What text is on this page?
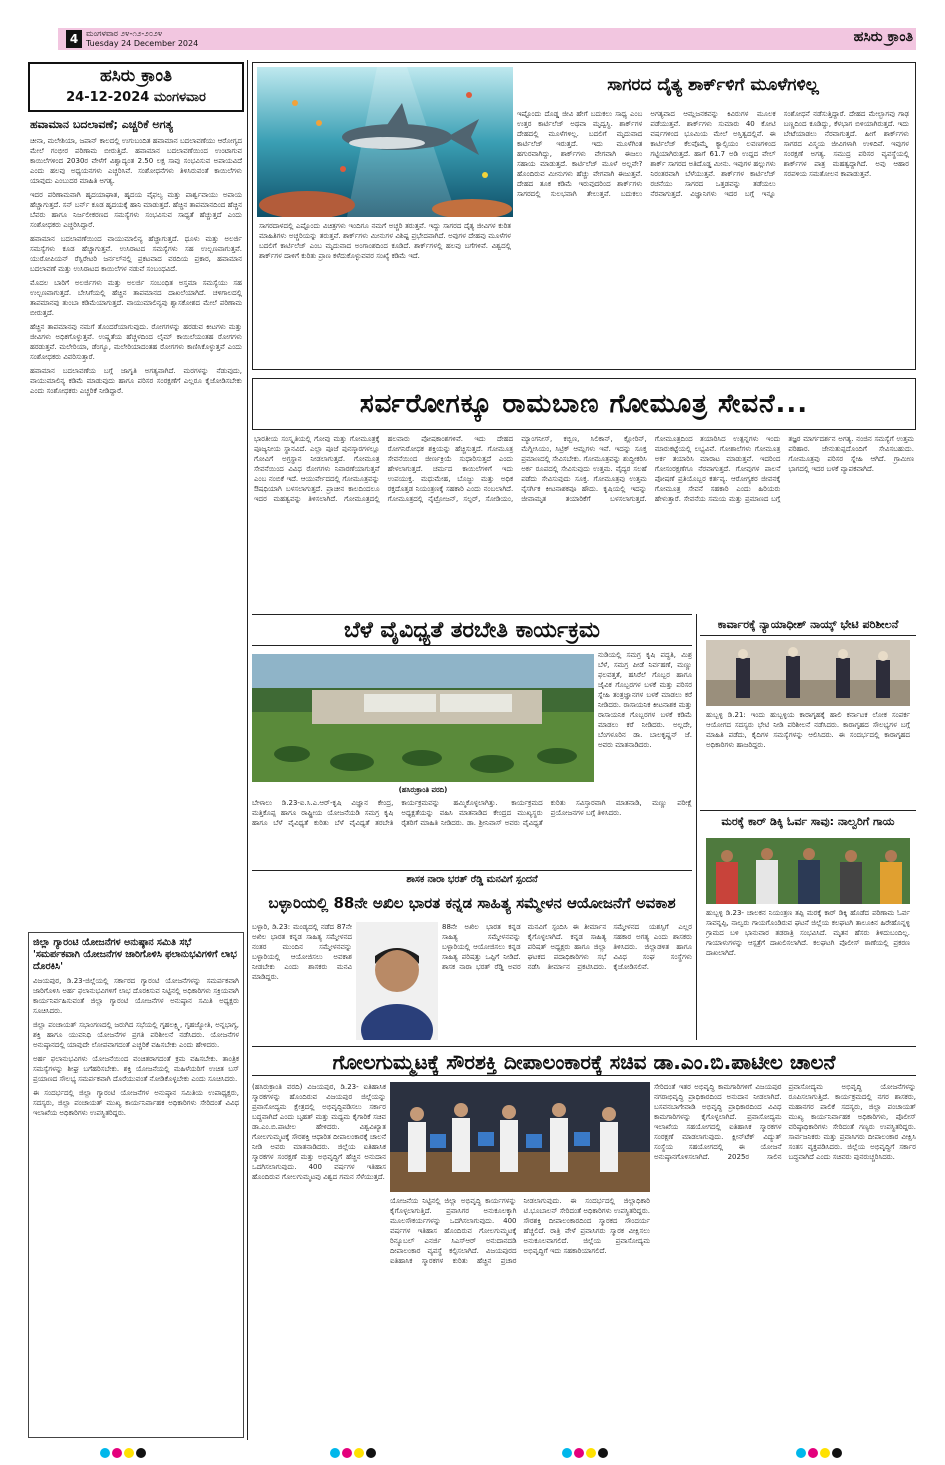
4 ಮಂಗಳವಾರ ೨೪-೧೨-೨೦೨೪
Tuesday 24 December 2024	ಹಸಿರು ಕ್ರಾಂತಿ
ಹಸಿರು ಕ್ರಾಂತಿ
24-12-2024 ಮಂಗಳವಾರ
ಹವಾಮಾನ ಬದಲಾವಣೆ; ಎಚ್ಚರಿಕೆ ಅಗತ್ಯ

ಚೀನಾ, ಮಲೇಶಿಯಾ, ಜಪಾನ್ ಕಾಲದಲ್ಲಿ ಉಗುಬಂದಿತ ಹವಾಮಾನ ಬದಲಾವಣೆಯು ಆರೋಗ್ಯದ ಮೇಲೆ ಗಂಭೀರ ಪರಿಣಾಮ ಬೀರುತ್ತಿದೆ. ಹವಾಮಾನ ಬದಲಾವಣೆಯಿಂದ ಉಂಟಾಗುವ ಕಾಯಿಲೆಗಳಿಂದ 2030ರ ವೇಳೆಗೆ ವಿಶ್ವಾದ್ಯಂತ 2.50 ಲಕ್ಷ ಸಾವು ಸಂಭವಿಸುವ ಅಪಾಯವಿದೆ ಎಂದು ಹಲವು ಅಧ್ಯಯನಗಳು ಎಚ್ಚರಿಸಿವೆ. ಸಂಶೋಧನೆಗಳು ತಿಳಿಸಿರುವಂತೆ ಕಾಯಿಲೆಗಳು ಯಾವುದು ಎಂಬುದರ ಮಾಹಿತಿ ಅಗತ್ಯ.

ಇದರ ಪರಿಣಾಮವಾಗಿ ಹೃದಯಾಘಾತ, ಹೃದಯ ವೈಫಲ್ಯ ಮತ್ತು ಪಾರ್ಶ್ವವಾಯು ಅಪಾಯ ಹೆಚ್ಚಾಗುತ್ತದೆ. ಸನ್ ಬರ್ನ್ ಕೂಡ ಹೃದಯಕ್ಕೆ ಹಾನಿ ಮಾಡುತ್ತದೆ. ಹೆಚ್ಚಿನ ತಾಪಮಾನದಿಂದ ಹೆಚ್ಚಿನ ಬೆವರು ಹಾಗೂ ನಿರ್ಜಲೀಕರಣದ ಸಮಸ್ಯೆಗಳು ಸಂಭವಿಸುವ ಸಾಧ್ಯತೆ ಹೆಚ್ಚುತ್ತದೆ ಎಂದು ಸಂಶೋಧಕರು ಎಚ್ಚರಿಸಿದ್ದಾರೆ.

ಹವಾಮಾನ ಬದಲಾವಣೆಯಿಂದ ವಾಯುಮಾಲಿನ್ಯ ಹೆಚ್ಚಾಗುತ್ತದೆ. ಧೂಳು ಮತ್ತು ಅಲರ್ಜಿ ಸಮಸ್ಯೆಗಳು ಕೂಡ ಹೆಚ್ಚಾಗುತ್ತವೆ. ಉಸಿರಾಟದ ಸಮಸ್ಯೆಗಳು ಸಹ ಉಲ್ಬಣವಾಗುತ್ತವೆ. ಯುರೋಪಿಯನ್ ರೆಸ್ಪಿರೇಟರಿ ಜರ್ನಲ್‌ನಲ್ಲಿ ಪ್ರಕಟವಾದ ವರದಿಯ ಪ್ರಕಾರ, ಹವಾಮಾನ ಬದಲಾವಣೆ ಮತ್ತು ಉಸಿರಾಟದ ಕಾಯಿಲೆಗಳ ನಡುವೆ ಸಂಬಂಧವಿದೆ.

ಮೊದಲ ಬಾರಿಗೆ ಅಲರ್ಜಿಗಳು ಮತ್ತು ಅಲರ್ಜಿ ಸಂಬಂಧಿತ ಅಸ್ತಮಾ ಸಮಸ್ಯೆಯು ಸಹ ಉಲ್ಬಣವಾಗುತ್ತದೆ. ಬೇಸಿಗೆಯಲ್ಲಿ ಹೆಚ್ಚಿನ ತಾಪಮಾನದ ದಾಖಲೆಯಾಗಿದೆ. ಚಳಿಗಾಲದಲ್ಲಿ ತಾಪಮಾನವು ತುಂಬಾ ಕಡಿಮೆಯಾಗುತ್ತದೆ. ವಾಯುಮಾಲಿನ್ಯವು ಶ್ವಾಸಕೋಶದ ಮೇಲೆ ಪರಿಣಾಮ ಬೀರುತ್ತದೆ.

ಹೆಚ್ಚಿನ ತಾಪಮಾನವು ನಮಗೆ ತೊಂದರೆಯಾಗುವುದು. ರೋಗಗಳನ್ನು ಹರಡುವ ಕೀಟಗಳು ಮತ್ತು ಜೀವಿಗಳು ಅಧಿಕಗೊಳ್ಳುತ್ತವೆ. ಉಷ್ಣತೆಯ ಹೆಚ್ಚಳದಿಂದ ಲೈಮ್ ಕಾಯಿಲೆಯಂತಹ ರೋಗಗಳು ಹರಡುತ್ತವೆ. ಮಲೇರಿಯಾ, ಡೆಂಗ್ಯೂ, ಮಲೇರಿಯಾದಂತಹ ರೋಗಗಳು ಕಾಣಿಸಿಕೊಳ್ಳುತ್ತವೆ ಎಂದು ಸಂಶೋಧಕರು ವಿವರಿಸುತ್ತಾರೆ.

ಹವಾಮಾನ ಬದಲಾವಣೆಯ ಬಗ್ಗೆ ಜಾಗೃತಿ ಅಗತ್ಯವಾಗಿದೆ. ಮರಗಳನ್ನು ನೆಡುವುದು, ವಾಯುಮಾಲಿನ್ಯ ಕಡಿಮೆ ಮಾಡುವುದು ಹಾಗೂ ಪರಿಸರ ಸಂರಕ್ಷಣೆಗೆ ಎಲ್ಲರೂ ಕೈಜೋಡಿಸಬೇಕು ಎಂದು ಸಂಶೋಧಕರು ಎಚ್ಚರಿಕೆ ನೀಡಿದ್ದಾರೆ.

ಜಿಲ್ಲಾ ಗ್ಯಾರಂಟಿ ಯೋಜನೆಗಳ ಅನುಷ್ಠಾನ ಸಮಿತಿ ಸಭೆ 'ಸಮರ್ಪಕವಾಗಿ ಯೋಜನೆಗಳ ಜಾರಿಗೊಳಿಸಿ ಫಲಾನುಭವಿಗಳಿಗೆ ಲಾಭ ದೊರಕಿಸಿ'

ವಿಜಯಪುರ, ಡಿ.23-ಜಿಲ್ಲೆಯಲ್ಲಿ ಸರ್ಕಾರದ ಗ್ಯಾರಂಟಿ ಯೋಜನೆಗಳನ್ನು ಸಮರ್ಪಕವಾಗಿ ಜಾರಿಗೊಳಿಸಿ ಅರ್ಹ ಫಲಾನುಭವಿಗಳಿಗೆ ಲಾಭ ದೊರಕಿಸುವ ನಿಟ್ಟಿನಲ್ಲಿ ಅಧಿಕಾರಿಗಳು ಸಕ್ರಿಯವಾಗಿ ಕಾರ್ಯನಿರ್ವಹಿಸುವಂತೆ ಜಿಲ್ಲಾ ಗ್ಯಾರಂಟಿ ಯೋಜನೆಗಳ ಅನುಷ್ಠಾನ ಸಮಿತಿ ಅಧ್ಯಕ್ಷರು ಸೂಚಿಸಿದರು.

ಜಿಲ್ಲಾ ಪಂಚಾಯತ್ ಸಭಾಂಗಣದಲ್ಲಿ ಜರುಗಿದ ಸಭೆಯಲ್ಲಿ ಗೃಹಲಕ್ಷ್ಮಿ, ಗೃಹಜ್ಯೋತಿ, ಅನ್ನಭಾಗ್ಯ, ಶಕ್ತಿ ಹಾಗೂ ಯುವನಿಧಿ ಯೋಜನೆಗಳ ಪ್ರಗತಿ ಪರಿಶೀಲನೆ ನಡೆಸಿದರು. ಯೋಜನೆಗಳ ಅನುಷ್ಠಾನದಲ್ಲಿ ಯಾವುದೇ ಲೋಪವಾಗದಂತೆ ಎಚ್ಚರಿಕೆ ವಹಿಸಬೇಕು ಎಂದು ಹೇಳಿದರು.

ಅರ್ಹ ಫಲಾನುಭವಿಗಳು ಯೋಜನೆಯಿಂದ ವಂಚಿತರಾಗದಂತೆ ಕ್ರಮ ವಹಿಸಬೇಕು. ತಾಂತ್ರಿಕ ಸಮಸ್ಯೆಗಳನ್ನು ಶೀಘ್ರ ಬಗೆಹರಿಸಬೇಕು. ಶಕ್ತಿ ಯೋಜನೆಯಲ್ಲಿ ಮಹಿಳೆಯರಿಗೆ ಉಚಿತ ಬಸ್ ಪ್ರಯಾಣದ ಸೌಲಭ್ಯ ಸಮರ್ಪಕವಾಗಿ ದೊರೆಯುವಂತೆ ನೋಡಿಕೊಳ್ಳಬೇಕು ಎಂದು ಸೂಚಿಸಿದರು.

ಈ ಸಂದರ್ಭದಲ್ಲಿ ಜಿಲ್ಲಾ ಗ್ಯಾರಂಟಿ ಯೋಜನೆಗಳ ಅನುಷ್ಠಾನ ಸಮಿತಿಯ ಉಪಾಧ್ಯಕ್ಷರು, ಸದಸ್ಯರು, ಜಿಲ್ಲಾ ಪಂಚಾಯತ್ ಮುಖ್ಯ ಕಾರ್ಯನಿರ್ವಾಹಕ ಅಧಿಕಾರಿಗಳು ಸೇರಿದಂತೆ ವಿವಿಧ ಇಲಾಖೆಯ ಅಧಿಕಾರಿಗಳು ಉಪಸ್ಥಿತರಿದ್ದರು.

ಸಾಗರದ ದೈತ್ಯ ಶಾರ್ಕ್‌ಳಿಗೆ ಮೂಳೆಗಳಿಲ್ಲ
ಸಾಗರದಾಳದಲ್ಲಿ ಎಷ್ಟೊಂದು ವಿಚಿತ್ರಗಳು ಇಂದಿಗೂ ನಮಗೆ ಅಚ್ಚರಿ ತರುತ್ತವೆ. ಇದ್ದು ಸಾಗರದ ದೈತ್ಯ ಜೀವಿಗಳ ಕುರಿತ ಮಾಹಿತಿಗಳು ಅಚ್ಚರಿಯನ್ನು ತರುತ್ತವೆ. ಶಾರ್ಕ್‌ಗಳು ಮೀನುಗಳ ವಿಶಿಷ್ಟ ಪ್ರಭೇದವಾಗಿದೆ. ಅವುಗಳ ದೇಹವು ಮೂಳೆಗಳ ಬದಲಿಗೆ ಕಾರ್ಟಿಲೆಜ್ ಎಂಬ ಮೃದುವಾದ ಅಂಗಾಂಶದಿಂದ ಕೂಡಿದೆ. ಶಾರ್ಕ್‌ಗಳಲ್ಲಿ ಹಲವು ಬಗೆಗಳಿವೆ. ವಿಶ್ವದಲ್ಲಿ ಶಾರ್ಕ್‌ಗಳ ದಾಳಿಗೆ ಕುರಿತು ಪ್ರಾಣ ಕಳೆದುಕೊಳ್ಳುವವರ ಸಂಖ್ಯೆ ಕಡಿಮೆ ಇದೆ.
ಇಷ್ಟೊಂದು ದೊಡ್ಡ ಜೀವಿ ಹೇಗೆ ಬದುಕಲು ಸಾಧ್ಯ ಎಂಬ ಉತ್ತರ ಕಾರ್ಟಿಲೆಜ್ ಅಥವಾ ಮೃದ್ವಸ್ಥಿ. ಶಾರ್ಕ್‌ಗಳ ದೇಹದಲ್ಲಿ ಮೂಳೆಗಳಿಲ್ಲ. ಬದಲಿಗೆ ಮೃದುವಾದ ಕಾರ್ಟಿಲೆಜ್ ಇರುತ್ತದೆ. ಇದು ಮೂಳೆಗಿಂತ ಹಗುರವಾಗಿದ್ದು, ಶಾರ್ಕ್‌ಗಳು ವೇಗವಾಗಿ ಈಜಲು ಸಹಾಯ ಮಾಡುತ್ತದೆ. ಕಾರ್ಟಿಲೆಜ್ ಮೂಳೆ ಅಲ್ಲವೇ? ಹೊಂದಿರುವ ಮೀನುಗಳು ಹೆಚ್ಚು ವೇಗವಾಗಿ ಈಜುತ್ತವೆ. ದೇಹದ ತೂಕ ಕಡಿಮೆ ಇರುವುದರಿಂದ ಶಾರ್ಕ್‌ಗಳು ಸಾಗರದಲ್ಲಿ ಸುಲಭವಾಗಿ ತೇಲುತ್ತವೆ. ಬದುಕಲು ಅಗತ್ಯವಾದ ಆಮ್ಲಜನಕವನ್ನು ಕಿವಿರುಗಳ ಮೂಲಕ ಪಡೆಯುತ್ತವೆ. ಶಾರ್ಕ್‌ಗಳು ಸುಮಾರು 40 ಕೋಟಿ ವರ್ಷಗಳಿಂದ ಭೂಮಿಯ ಮೇಲೆ ಅಸ್ತಿತ್ವದಲ್ಲಿವೆ. ಈ ಕಾರ್ಟಿಲೆಜ್ ಕೆಲವೊಮ್ಮೆ ಕ್ಯಾಲ್ಸಿಯಂ ಲವಣಗಳಿಂದ ಗಟ್ಟಿಯಾಗಿರುತ್ತದೆ. ಹಾಗೆ 61.7 ಅಡಿ ಉದ್ದದ ವೇಲ್ ಶಾರ್ಕ್ ಸಾಗರದ ಅತಿದೊಡ್ಡ ಮೀನು. ಇವುಗಳ ಹಲ್ಲುಗಳು ನಿರಂತರವಾಗಿ ಬೆಳೆಯುತ್ತವೆ. ಶಾರ್ಕ್‌ಗಳ ಕಾರ್ಟಿಲೆಜ್ ರಚನೆಯು ಸಾಗರದ ಒತ್ತಡವನ್ನು ತಡೆಯಲು ನೆರವಾಗುತ್ತದೆ. ವಿಜ್ಞಾನಿಗಳು ಇದರ ಬಗ್ಗೆ ಇನ್ನೂ ಸಂಶೋಧನೆ ನಡೆಸುತ್ತಿದ್ದಾರೆ. ದೇಹದ ಮೇಲ್ಭಾಗವು ಗಾಢ ಬಣ್ಣದಿಂದ ಕೂಡಿದ್ದು, ಕೆಳಭಾಗ ಬಿಳಿಯಾಗಿರುತ್ತದೆ. ಇದು ಬೇಟೆಯಾಡಲು ನೆರವಾಗುತ್ತದೆ. ಹೀಗೆ ಶಾರ್ಕ್‌ಗಳು ಸಾಗರದ ವಿಸ್ಮಯ ಜೀವಿಗಳಾಗಿ ಉಳಿದಿವೆ. ಇವುಗಳ ಸಂರಕ್ಷಣೆ ಅಗತ್ಯ. ಸಮುದ್ರ ಪರಿಸರ ವ್ಯವಸ್ಥೆಯಲ್ಲಿ ಶಾರ್ಕ್‌ಗಳ ಪಾತ್ರ ಮಹತ್ವದ್ದಾಗಿದೆ. ಅವು ಆಹಾರ ಸರಪಳಿಯ ಸಮತೋಲನ ಕಾಪಾಡುತ್ತವೆ.
ಸರ್ವರೋಗಕ್ಕೂ ರಾಮಬಾಣ ಗೋಮೂತ್ರ ಸೇವನೆ...
ಭಾರತೀಯ ಸಂಸ್ಕೃತಿಯಲ್ಲಿ ಗೋವು ಮತ್ತು ಗೋಮೂತ್ರಕ್ಕೆ ಪೂಜ್ಯನೀಯ ಸ್ಥಾನವಿದೆ. ಎಲ್ಲಾ ಪೂಜೆ ಪುನಸ್ಕಾರಗಳಲ್ಲೂ ಗೋವಿಗೆ ಅಗ್ರಸ್ಥಾನ ನೀಡಲಾಗುತ್ತದೆ. ಗೋಮೂತ್ರ ಸೇವನೆಯಿಂದ ವಿವಿಧ ರೋಗಗಳು ನಿವಾರಣೆಯಾಗುತ್ತವೆ ಎಂಬ ನಂಬಿಕೆ ಇದೆ. ಆಯುರ್ವೇದದಲ್ಲಿ ಗೋಮೂತ್ರವನ್ನು ಔಷಧಿಯಾಗಿ ಬಳಸಲಾಗುತ್ತದೆ. ಪ್ರಾಚೀನ ಕಾಲದಿಂದಲೂ ಇದರ ಮಹತ್ವವನ್ನು ತಿಳಿಸಲಾಗಿದೆ. ಗೋಮೂತ್ರದಲ್ಲಿ ಹಲವಾರು ಪೋಷಕಾಂಶಗಳಿವೆ. ಇದು ದೇಹದ ರೋಗನಿರೋಧಕ ಶಕ್ತಿಯನ್ನು ಹೆಚ್ಚಿಸುತ್ತದೆ. ಗೋಮೂತ್ರ ಸೇವನೆಯಿಂದ ಜೀರ್ಣಕ್ರಿಯೆ ಸುಧಾರಿಸುತ್ತದೆ ಎಂದು ಹೇಳಲಾಗುತ್ತದೆ. ಚರ್ಮದ ಕಾಯಿಲೆಗಳಿಗೆ ಇದು ಉಪಯುಕ್ತ. ಮಧುಮೇಹ, ಬೊಜ್ಜು ಮತ್ತು ಅಧಿಕ ರಕ್ತದೊತ್ತಡ ನಿಯಂತ್ರಣಕ್ಕೆ ಸಹಕಾರಿ ಎಂದು ನಂಬಲಾಗಿದೆ. ಗೋಮೂತ್ರದಲ್ಲಿ ನೈಟ್ರೋಜನ್, ಸಲ್ಫರ್, ಸೋಡಿಯಂ, ಮ್ಯಾಂಗನೀಸ್, ಕಬ್ಬಿಣ, ಸಿಲಿಕಾನ್, ಕ್ಲೋರಿನ್, ಮೆಗ್ನೀಸಿಯಂ, ಸಿಟ್ರಿಕ್ ಆಮ್ಲಗಳು ಇವೆ. ಇದನ್ನು ಸೂಕ್ತ ಪ್ರಮಾಣದಲ್ಲಿ ಸೇವಿಸಬೇಕು. ಗೋಮೂತ್ರವನ್ನು ಶುದ್ಧೀಕರಿಸಿ ಅರ್ಕ ರೂಪದಲ್ಲಿ ಸೇವಿಸುವುದು ಉತ್ತಮ. ವೈದ್ಯರ ಸಲಹೆ ಪಡೆದು ಸೇವಿಸುವುದು ಸೂಕ್ತ. ಗೋಮೂತ್ರವು ಉತ್ತಮ ನೈಸರ್ಗಿಕ ಕೀಟನಾಶಕವೂ ಹೌದು. ಕೃಷಿಯಲ್ಲಿ ಇದನ್ನು ಜೀವಾಮೃತ ತಯಾರಿಕೆಗೆ ಬಳಸಲಾಗುತ್ತದೆ. ಗೋಮೂತ್ರದಿಂದ ತಯಾರಿಸಿದ ಉತ್ಪನ್ನಗಳು ಇಂದು ಮಾರುಕಟ್ಟೆಯಲ್ಲಿ ಲಭ್ಯವಿವೆ. ಗೋಶಾಲೆಗಳು ಗೋಮೂತ್ರ ಅರ್ಕ ತಯಾರಿಸಿ ಮಾರಾಟ ಮಾಡುತ್ತವೆ. ಇದರಿಂದ ಗೋಸಂರಕ್ಷಣೆಗೂ ನೆರವಾಗುತ್ತದೆ. ಗೋವುಗಳ ಪಾಲನೆ ಪೋಷಣೆ ಪ್ರತಿಯೊಬ್ಬರ ಕರ್ತವ್ಯ. ಆರೋಗ್ಯಕರ ಜೀವನಕ್ಕೆ ಗೋಮೂತ್ರ ಸೇವನೆ ಸಹಕಾರಿ ಎಂದು ಹಿರಿಯರು ಹೇಳುತ್ತಾರೆ. ಸೇವನೆಯ ಸಮಯ ಮತ್ತು ಪ್ರಮಾಣದ ಬಗ್ಗೆ ತಜ್ಞರ ಮಾರ್ಗದರ್ಶನ ಅಗತ್ಯ. ನಂಜಿನ ಸಮಸ್ಯೆಗೆ ಉತ್ತಮ ಪರಿಹಾರ. ಜೇನುತುಪ್ಪದೊಂದಿಗೆ ಸೇವಿಸಬಹುದು. ಗೋಮೂತ್ರವು ಪರಿಸರ ಸ್ನೇಹಿ ಆಗಿದೆ. ಗ್ರಾಮೀಣ ಭಾಗದಲ್ಲಿ ಇದರ ಬಳಕೆ ವ್ಯಾಪಕವಾಗಿದೆ.
ಬೆಳೆ ವೈವಿಧ್ಯತೆ ತರಬೇತಿ ಕಾರ್ಯಕ್ರಮ
(ಹಸಿರುಕ್ರಾಂತಿ ವರದಿ)
ನುಡಿಯಲ್ಲಿ ಸಮಗ್ರ ಕೃಷಿ ಪದ್ಧತಿ, ಮಿಶ್ರ ಬೆಳೆ, ಸಮಗ್ರ ಪೀಡೆ ನಿರ್ವಹಣೆ, ಮಣ್ಣು ಫಲವತ್ತತೆ, ಹಸಿರೆಲೆ ಗೊಬ್ಬರ ಹಾಗೂ ಜೈವಿಕ ಗೊಬ್ಬರಗಳ ಬಳಕೆ ಮತ್ತು ಪರಿಸರ ಸ್ನೇಹಿ ತಂತ್ರಜ್ಞಾನಗಳ ಬಳಕೆ ಮಾಡಲು ಕರೆ ನೀಡಿದರು. ರಾಸಾಯನಿಕ ಕೀಟನಾಶಕ ಮತ್ತು ರಾಸಾಯನಿಕ ಗೊಬ್ಬರಗಳ ಬಳಕೆ ಕಡಿಮೆ ಮಾಡಲು ಕರೆ ನೀಡಿದರು. ಅಲ್ಲದೇ, ಬೆಂಗಳೂರಿನ ಡಾ. ಬಾಲಕೃಷ್ಣನ್ ಜೆ. ಅವರು ಮಾತನಾಡಿದರು.
ಬೇಳಾಲು ಡಿ.23-ಐ.ಸಿ.ಎ.ಆರ್-ಕೃಷಿ ವಿಜ್ಞಾನ ಕೇಂದ್ರ, ಮತ್ತಿಕೊಪ್ಪ ಹಾಗೂ ರಾಷ್ಟ್ರೀಯ ಯೋಜನೆಯಡಿ ಸಮಗ್ರ ಕೃಷಿ ಹಾಗೂ ಬೆಳೆ ವೈವಿಧ್ಯತೆ ಕುರಿತು ಬೆಳೆ ವೈವಿಧ್ಯತೆ ತರಬೇತಿ ಕಾರ್ಯಕ್ರಮವನ್ನು ಹಮ್ಮಿಕೊಳ್ಳಲಾಗಿತ್ತು. ಕಾರ್ಯಕ್ರಮದ ಅಧ್ಯಕ್ಷತೆಯನ್ನು ವಹಿಸಿ ಮಾತನಾಡಿದ ಕೇಂದ್ರದ ಮುಖ್ಯಸ್ಥರು ರೈತರಿಗೆ ಮಾಹಿತಿ ನೀಡಿದರು. ಡಾ. ಶ್ರೀನಿವಾಸ್ ಅವರು ವೈವಿಧ್ಯತೆ ಕುರಿತು ಸವಿಸ್ತಾರವಾಗಿ ಮಾತನಾಡಿ, ಮಣ್ಣು ಪರೀಕ್ಷೆ ಪ್ರಯೋಜನಗಳ ಬಗ್ಗೆ ತಿಳಿಸಿದರು.
ಕಾರ್ವಾರಕ್ಕೆ ನ್ಯಾಯಾಧೀಶ್ ನಾಯ್ಕ್ ಭೇಟಿ ಪರಿಶೀಲನೆ
ಹುಬ್ಬಳ್ಳಿ ಡಿ.21: ಇಂದು ಹುಬ್ಬಳ್ಳಿಯ ಕಾರಾಗೃಹಕ್ಕೆ ಹಾಲಿ ಕರ್ನಾಟಕ ಲೋಕ ಸಂಪರ್ಕ ಆಯೋಗದ ಸದಸ್ಯರು ಭೇಟಿ ನೀಡಿ ಪರಿಶೀಲನೆ ನಡೆಸಿದರು. ಕಾರಾಗೃಹದ ಸೌಲಭ್ಯಗಳ ಬಗ್ಗೆ ಮಾಹಿತಿ ಪಡೆದು, ಕೈದಿಗಳ ಸಮಸ್ಯೆಗಳನ್ನು ಆಲಿಸಿದರು. ಈ ಸಂದರ್ಭದಲ್ಲಿ ಕಾರಾಗೃಹದ ಅಧಿಕಾರಿಗಳು ಹಾಜರಿದ್ದರು.
ಮರಕ್ಕೆ ಕಾರ್ ಡಿಕ್ಕಿ ಓರ್ವ ಸಾವು: ನಾಲ್ವರಿಗೆ ಗಾಯ
ಹುಬ್ಬಳ್ಳಿ ಡಿ.23- ಚಾಲಕನ ನಿಯಂತ್ರಣ ತಪ್ಪಿ ಮರಕ್ಕೆ ಕಾರ್ ಡಿಕ್ಕಿ ಹೊಡೆದ ಪರಿಣಾಮ ಓರ್ವ ಸಾವನ್ನಪ್ಪಿ, ನಾಲ್ವರು ಗಾಯಗೊಂಡಿರುವ ಘಟನೆ ಜಿಲ್ಲೆಯ ಕಲಘಟಗಿ ತಾಲೂಕಿನ ಹಿರೇಹೊನ್ನಳ್ಳಿ ಗ್ರಾಮದ ಬಳಿ ಭಾನುವಾರ ತಡರಾತ್ರಿ ಸಂಭವಿಸಿದೆ. ಮೃತನ ಹೆಸರು ತಿಳಿದುಬಂದಿಲ್ಲ. ಗಾಯಾಳುಗಳನ್ನು ಆಸ್ಪತ್ರೆಗೆ ದಾಖಲಿಸಲಾಗಿದೆ. ಕಲಘಟಗಿ ಪೊಲೀಸ್ ಠಾಣೆಯಲ್ಲಿ ಪ್ರಕರಣ ದಾಖಲಾಗಿದೆ.
ಶಾಸಕ ನಾರಾ ಭರತ್ ರೆಡ್ಡಿ ಮನವಿಗೆ ಸ್ಪಂದನೆ
ಬಳ್ಳಾರಿಯಲ್ಲಿ 88ನೇ ಅಖಿಲ ಭಾರತ ಕನ್ನಡ ಸಾಹಿತ್ಯ ಸಮ್ಮೇಳನ ಆಯೋಜನೆಗೆ ಅವಕಾಶ
ಬಳ್ಳಾರಿ, ಡಿ.23: ಮಂಡ್ಯದಲ್ಲಿ ನಡೆದ 87ನೇ ಅಖಿಲ ಭಾರತ ಕನ್ನಡ ಸಾಹಿತ್ಯ ಸಮ್ಮೇಳನದ ನಂತರ ಮುಂದಿನ ಸಮ್ಮೇಳನವನ್ನು ಬಳ್ಳಾರಿಯಲ್ಲಿ ಆಯೋಜಿಸಲು ಅವಕಾಶ ನೀಡಬೇಕು ಎಂದು ಶಾಸಕರು ಮನವಿ ಮಾಡಿದ್ದರು.
88ನೇ ಅಖಿಲ ಭಾರತ ಕನ್ನಡ ಸಾಹಿತ್ಯ ಸಮ್ಮೇಳನವನ್ನು ಬಳ್ಳಾರಿಯಲ್ಲಿ ಆಯೋಜಿಸಲು ಕನ್ನಡ ಸಾಹಿತ್ಯ ಪರಿಷತ್ತು ಒಪ್ಪಿಗೆ ನೀಡಿದೆ. ಶಾಸಕ ನಾರಾ ಭರತ್ ರೆಡ್ಡಿ ಅವರ ಮನವಿಗೆ ಸ್ಪಂದಿಸಿ ಈ ತೀರ್ಮಾನ ಕೈಗೊಳ್ಳಲಾಗಿದೆ. ಕನ್ನಡ ಸಾಹಿತ್ಯ ಪರಿಷತ್ ಅಧ್ಯಕ್ಷರು ಹಾಗೂ ಜಿಲ್ಲಾ ಘಟಕದ ಪದಾಧಿಕಾರಿಗಳು ಸಭೆ ನಡೆಸಿ ತೀರ್ಮಾನ ಪ್ರಕಟಿಸಿದರು. ಸಮ್ಮೇಳನದ ಯಶಸ್ಸಿಗೆ ಎಲ್ಲರ ಸಹಕಾರ ಅಗತ್ಯ ಎಂದು ಶಾಸಕರು ತಿಳಿಸಿದರು. ಜಿಲ್ಲಾಡಳಿತ ಹಾಗೂ ವಿವಿಧ ಸಂಘ ಸಂಸ್ಥೆಗಳು ಕೈಜೋಡಿಸಲಿವೆ.
ಗೋಲಗುಮ್ಮಟಕ್ಕೆ ಸೌರಶಕ್ತಿ ದೀಪಾಲಂಕಾರಕ್ಕೆ ಸಚಿವ ಡಾ.ಎಂ.ಬಿ.ಪಾಟೀಲ ಚಾಲನೆ
(ಹಸಿರುಕ್ರಾಂತಿ ವರದಿ) ವಿಜಯಪುರ, ಡಿ.23- ಐತಿಹಾಸಿಕ ಸ್ಮಾರಕಗಳನ್ನು ಹೊಂದಿರುವ ವಿಜಯಪುರ ಜಿಲ್ಲೆಯನ್ನು ಪ್ರವಾಸೋದ್ಯಮ ಕ್ಷೇತ್ರದಲ್ಲಿ ಅಭಿವೃದ್ಧಿಪಡಿಸಲು ಸರ್ಕಾರ ಬದ್ಧವಾಗಿದೆ ಎಂದು ಬೃಹತ್ ಮತ್ತು ಮಧ್ಯಮ ಕೈಗಾರಿಕೆ ಸಚಿವ ಡಾ.ಎಂ.ಬಿ.ಪಾಟೀಲ ಹೇಳಿದರು. ವಿಶ್ವವಿಖ್ಯಾತ ಗೋಲಗುಮ್ಮಟಕ್ಕೆ ಸೌರಶಕ್ತಿ ಆಧಾರಿತ ದೀಪಾಲಂಕಾರಕ್ಕೆ ಚಾಲನೆ ನೀಡಿ ಅವರು ಮಾತನಾಡಿದರು. ಜಿಲ್ಲೆಯ ಐತಿಹಾಸಿಕ ಸ್ಮಾರಕಗಳ ಸಂರಕ್ಷಣೆ ಮತ್ತು ಅಭಿವೃದ್ಧಿಗೆ ಹೆಚ್ಚಿನ ಅನುದಾನ ಒದಗಿಸಲಾಗುವುದು. 400 ವರ್ಷಗಳ ಇತಿಹಾಸ ಹೊಂದಿರುವ ಗೋಲಗುಮ್ಮಟವು ವಿಶ್ವದ ಗಮನ ಸೆಳೆಯುತ್ತದೆ.
ಯೋಜನೆಯ ನಿಟ್ಟಿನಲ್ಲಿ ಜಿಲ್ಲಾ ಅಭಿವೃದ್ಧಿ ಕಾರ್ಯಗಳನ್ನು ಕೈಗೊಳ್ಳಲಾಗುತ್ತಿದೆ. ಪ್ರವಾಸಿಗರ ಅನುಕೂಲಕ್ಕಾಗಿ ಮೂಲಸೌಕರ್ಯಗಳನ್ನು ಒದಗಿಸಲಾಗುವುದು. 400 ವರ್ಷಗಳ ಇತಿಹಾಸ ಹೊಂದಿರುವ ಗೋಲಗುಮ್ಮಟಕ್ಕೆ ರಿನ್ಯೂಬಲ್ ಎನರ್ಜಿ ಸಿಎಸ್‌ಆರ್ ಅನುದಾನದಡಿ ದೀಪಾಲಂಕಾರ ವ್ಯವಸ್ಥೆ ಕಲ್ಪಿಸಲಾಗಿದೆ. ವಿಜಯಪುರದ ಐತಿಹಾಸಿಕ ಸ್ಮಾರಕಗಳ ಕುರಿತು ಹೆಚ್ಚಿನ ಪ್ರಚಾರ ನೀಡಲಾಗುವುದು. ಈ ಸಂದರ್ಭದಲ್ಲಿ ಜಿಲ್ಲಾಧಿಕಾರಿ ಟಿ.ಭೂಬಾಲನ್ ಸೇರಿದಂತೆ ಅಧಿಕಾರಿಗಳು ಉಪಸ್ಥಿತರಿದ್ದರು. ಸೌರಶಕ್ತಿ ದೀಪಾಲಂಕಾರದಿಂದ ಸ್ಮಾರಕದ ಸೌಂದರ್ಯ ಹೆಚ್ಚಲಿದೆ. ರಾತ್ರಿ ವೇಳೆ ಪ್ರವಾಸಿಗರು ಸ್ಮಾರಕ ವೀಕ್ಷಿಸಲು ಅನುಕೂಲವಾಗಲಿದೆ. ಜಿಲ್ಲೆಯ ಪ್ರವಾಸೋದ್ಯಮ ಅಭಿವೃದ್ಧಿಗೆ ಇದು ಸಹಕಾರಿಯಾಗಲಿದೆ.
ಸೇರಿದಂತೆ ಇತರ ಅಭಿವೃದ್ಧಿ ಕಾಮಗಾರಿಗಳಿಗೆ ವಿಜಯಪುರ ನಗರಾಭಿವೃದ್ಧಿ ಪ್ರಾಧಿಕಾರದಿಂದ ಅನುದಾನ ನೀಡಲಾಗಿದೆ. ಬಸವನಬಾಗೇವಾಡಿ ಅಭಿವೃದ್ಧಿ ಪ್ರಾಧಿಕಾರದಿಂದ ವಿವಿಧ ಕಾಮಗಾರಿಗಳನ್ನು ಕೈಗೊಳ್ಳಲಾಗಿದೆ. ಪ್ರವಾಸೋದ್ಯಮ ಇಲಾಖೆಯ ಸಹಯೋಗದಲ್ಲಿ ಐತಿಹಾಸಿಕ ಸ್ಮಾರಕಗಳ ಸಂರಕ್ಷಣೆ ಮಾಡಲಾಗುವುದು. ಕ್ಲೀನ್‌ಟೆಕ್ ವಿದ್ಯುತ್ ಸಂಸ್ಥೆಯ ಸಹಯೋಗದಲ್ಲಿ ಈ ಯೋಜನೆ ಅನುಷ್ಠಾನಗೊಳಿಸಲಾಗಿದೆ. 2025ರ ಸಾಲಿನ ಪ್ರವಾಸೋದ್ಯಮ ಅಭಿವೃದ್ಧಿ ಯೋಜನೆಗಳನ್ನು ರೂಪಿಸಲಾಗುತ್ತಿದೆ. ಕಾರ್ಯಕ್ರಮದಲ್ಲಿ ನಗರ ಶಾಸಕರು, ಮಹಾನಗರ ಪಾಲಿಕೆ ಸದಸ್ಯರು, ಜಿಲ್ಲಾ ಪಂಚಾಯತ್ ಮುಖ್ಯ ಕಾರ್ಯನಿರ್ವಾಹಕ ಅಧಿಕಾರಿಗಳು, ಪೊಲೀಸ್ ವರಿಷ್ಠಾಧಿಕಾರಿಗಳು ಸೇರಿದಂತೆ ಗಣ್ಯರು ಉಪಸ್ಥಿತರಿದ್ದರು. ಸಾರ್ವಜನಿಕರು ಮತ್ತು ಪ್ರವಾಸಿಗರು ದೀಪಾಲಂಕಾರ ವೀಕ್ಷಿಸಿ ಸಂತಸ ವ್ಯಕ್ತಪಡಿಸಿದರು. ಜಿಲ್ಲೆಯ ಅಭಿವೃದ್ಧಿಗೆ ಸರ್ಕಾರ ಬದ್ಧವಾಗಿದೆ ಎಂದು ಸಚಿವರು ಪುನರುಚ್ಚರಿಸಿದರು.
